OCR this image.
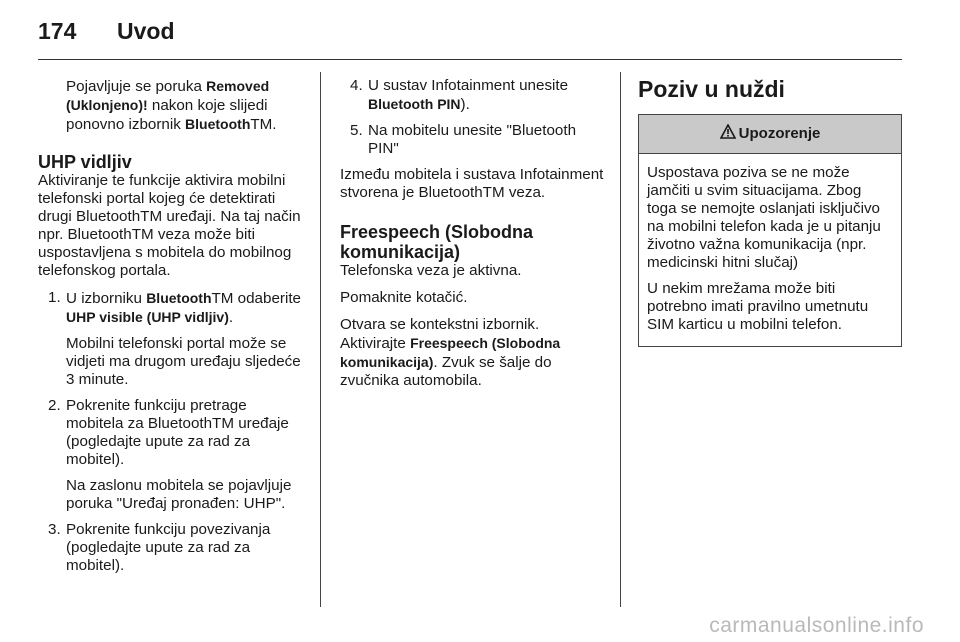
174 Uvod

Pojavljuje se poruka Removed (Uklonjeno)! nakon koje slijedi ponovno izbornik BluetoothTM.

UHP vidljiv

Aktiviranje te funkcije aktivira mobilni telefonski portal kojeg će detektirati drugi BluetoothTM uređaji. Na taj način npr. BluetoothTM veza može biti uspostavljena s mobitela do mobilnog telefonskog portala.

1. U izborniku BluetoothTM odaberite UHP visible (UHP vidljiv).

Mobilni telefonski portal može se vidjeti ma drugom uređaju sljedeće 3 minute.

2. Pokrenite funkciju pretrage mobitela za BluetoothTM uređaje (pogledajte upute za rad za mobitel).

Na zaslonu mobitela se pojavljuje poruka "Uređaj pronađen: UHP".

3. Pokrenite funkciju povezivanja (pogledajte upute za rad za mobitel).

4. U sustav Infotainment unesite Bluetooth PIN).

5. Na mobitelu unesite "Bluetooth PIN"

Između mobitela i sustava Infotainment stvorena je BluetoothTM veza.

Freespeech (Slobodna komunikacija)

Telefonska veza je aktivna.

Pomaknite kotačić.

Otvara se kontekstni izbornik.

Aktivirajte Freespeech (Slobodna komunikacija). Zvuk se šalje do zvučnika automobila.

Poziv u nuždi
Upozorenje

Uspostava poziva se ne može jamčiti u svim situacijama. Zbog toga se nemojte oslanjati isključivo na mobilni telefon kada je u pitanju životno važna komunikacija (npr. medicinski hitni slučaj)

U nekim mrežama može biti potrebno imati pravilno umetnutu SIM karticu u mobilni telefon.

carmanualsonline.info
